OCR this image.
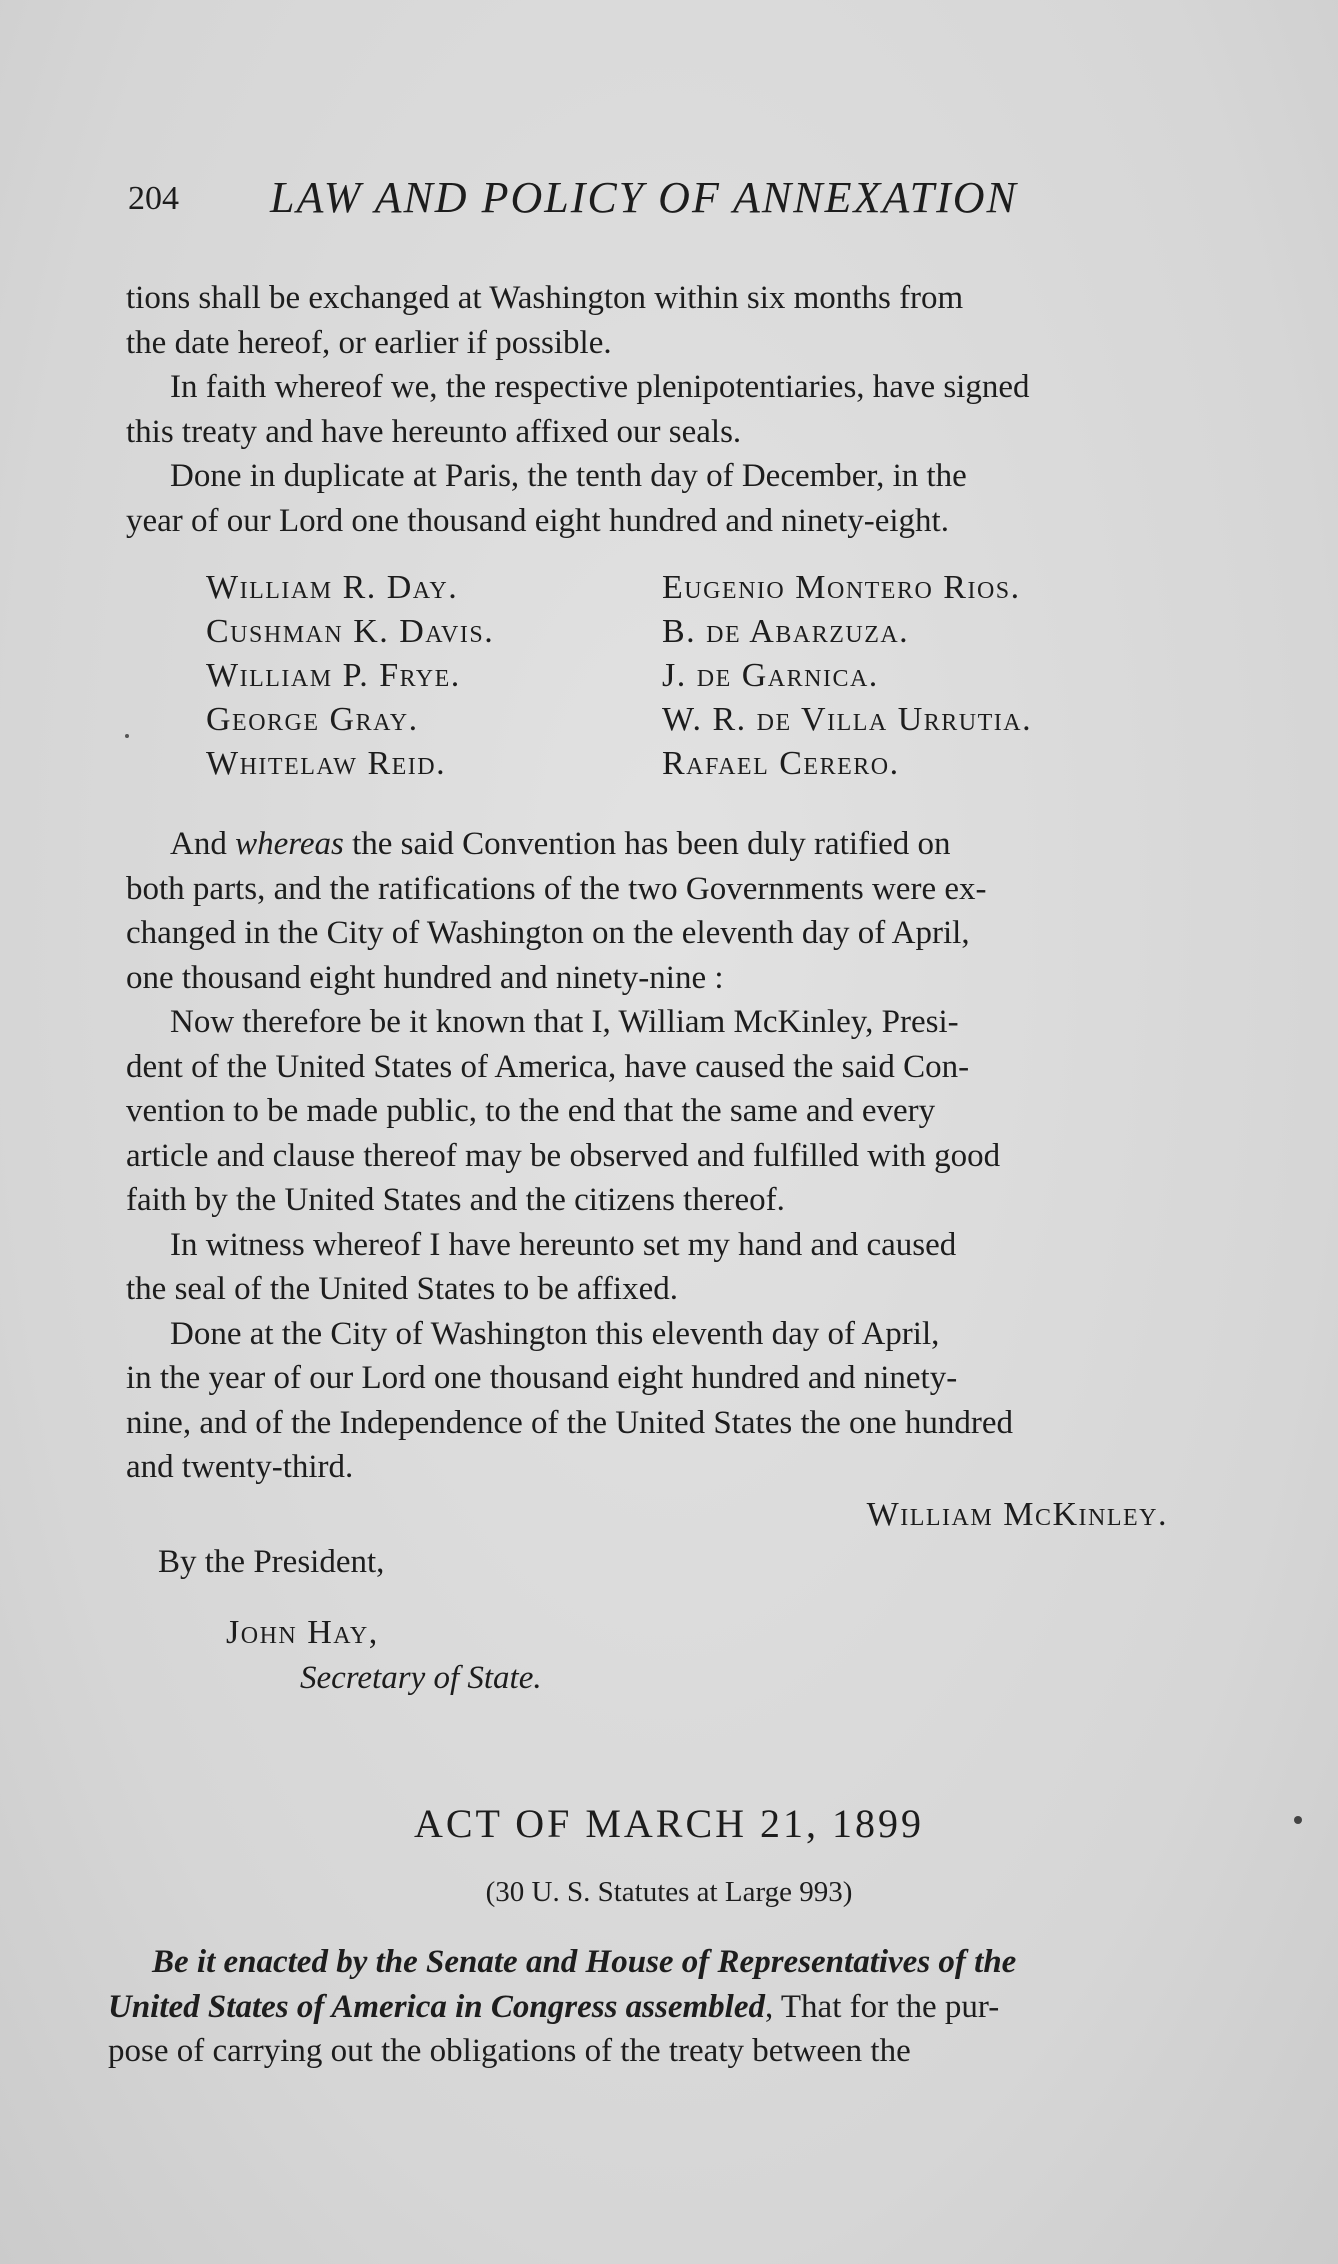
204 LAW AND POLICY OF ANNEXATION

tions shall be exchanged at Washington within six months from

the date hereof, or earlier if possible.

In faith whereof we, the respective plenipotentiaries, have signed

this treaty and have hereunto affixed our seals.

Done in duplicate at Paris, the tenth day of December, in the

year of our Lord one thousand eight hundred and ninety-eight.

William R. Day.
Cushman K. Davis.
William P. Frye.
George Gray.
Whitelaw Reid.
Eugenio Montero Rios.
B. de Abarzuza.
J. de Garnica.
W. R. de Villa Urrutia.
Rafael Cerero.

And whereas the said Convention has been duly ratified on

both parts, and the ratifications of the two Governments were ex-

changed in the City of Washington on the eleventh day of April,

one thousand eight hundred and ninety-nine :

Now therefore be it known that I, William McKinley, Presi-

dent of the United States of America, have caused the said Con-

vention to be made public, to the end that the same and every

article and clause thereof may be observed and fulfilled with good

faith by the United States and the citizens thereof.

In witness whereof I have hereunto set my hand and caused

the seal of the United States to be affixed.

Done at the City of Washington this eleventh day of April,

in the year of our Lord one thousand eight hundred and ninety-

nine, and of the Independence of the United States the one hundred

and twenty-third.

William McKinley.
By the President,
John Hay,
Secretary of State.
ACT OF MARCH 21, 1899
(30 U. S. Statutes at Large 993)

Be it enacted by the Senate and House of Representatives of the

United States of America in Congress assembled, That for the pur-

pose of carrying out the obligations of the treaty between the
